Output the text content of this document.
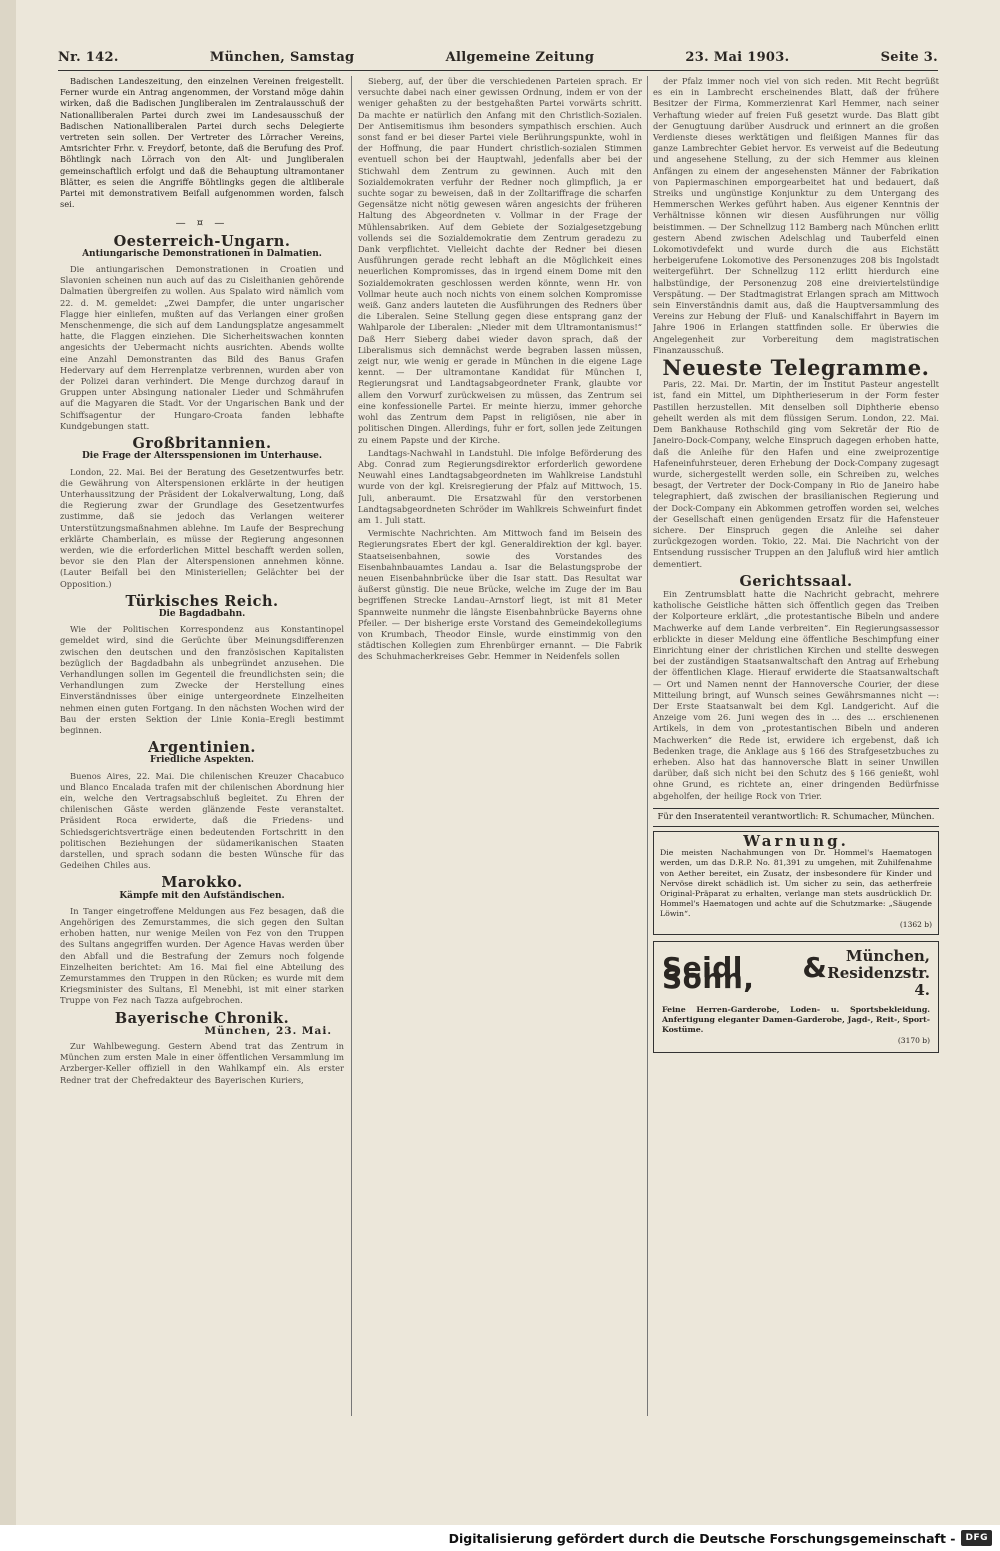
Nr. 142.	München, Samstag	Allgemeine Zeitung	23. Mai 1903.	Seite 3.

Badischen Landeszeitung, den einzelnen Vereinen freigestellt. Ferner wurde ein Antrag angenommen, der Vorstand möge dahin wirken, daß die Badischen Jungliberalen im Zentralausschuß der Nationalliberalen Partei durch zwei im Landesausschuß der Badischen Nationalliberalen Partei durch sechs Delegierte vertreten sein sollen. Der Vertreter des Lörracher Vereins, Amtsrichter Frhr. v. Freydorf, betonte, daß die Berufung des Prof. Böhtlingk nach Lörrach von den Alt- und Jungliberalen gemeinschaftlich erfolgt und daß die Behauptung ultramontaner Blätter, es seien die Angriffe Böhtlingks gegen die altliberale Partei mit demonstrativem Beifall aufgenommen worden, falsch sei.

— ¤ —
Oesterreich-Ungarn.
Antiungarische Demonstrationen in Dalmatien.

Die antiungarischen Demonstrationen in Croatien und Slavonien scheinen nun auch auf das zu Cisleithanien gehörende Dalmatien übergreifen zu wollen. Aus Spalato wird nämlich vom 22. d. M. gemeldet: „Zwei Dampfer, die unter ungarischer Flagge hier einliefen, mußten auf das Verlangen einer großen Menschenmenge, die sich auf dem Landungsplatze angesammelt hatte, die Flaggen einziehen. Die Sicherheitswachen konnten angesichts der Uebermacht nichts ausrichten. Abends wollte eine Anzahl Demonstranten das Bild des Banus Grafen Hedervary auf dem Herrenplatze verbrennen, wurden aber von der Polizei daran verhindert. Die Menge durchzog darauf in Gruppen unter Absingung nationaler Lieder und Schmährufen auf die Magyaren die Stadt. Vor der Ungarischen Bank und der Schiffsagentur der Hungaro-Croata fanden lebhafte Kundgebungen statt.

Großbritannien.
Die Frage der Altersspensionen im Unterhause.

London, 22. Mai. Bei der Beratung des Gesetzentwurfes betr. die Gewährung von Alterspensionen erklärte in der heutigen Unterhaussitzung der Präsident der Lokalverwaltung, Long, daß die Regierung zwar der Grundlage des Gesetzentwurfes zustimme, daß sie jedoch das Verlangen weiterer Unterstützungsmaßnahmen ablehne. Im Laufe der Besprechung erklärte Chamberlain, es müsse der Regierung angesonnen werden, wie die erforderlichen Mittel beschafft werden sollen, bevor sie den Plan der Alterspensionen annehmen könne. (Lauter Beifall bei den Ministeriellen; Gelächter bei der Opposition.)

Türkisches Reich.
Die Bagdadbahn.

Wie der Politischen Korrespondenz aus Konstantinopel gemeldet wird, sind die Gerüchte über Meinungsdifferenzen zwischen den deutschen und den französischen Kapitalisten bezüglich der Bagdadbahn als unbegründet anzusehen. Die Verhandlungen sollen im Gegenteil die freundlichsten sein; die Verhandlungen zum Zwecke der Herstellung eines Einverständnisses über einige untergeordnete Einzelheiten nehmen einen guten Fortgang. In den nächsten Wochen wird der Bau der ersten Sektion der Linie Konia–Eregli bestimmt beginnen.

Argentinien.
Friedliche Aspekten.

Buenos Aires, 22. Mai. Die chilenischen Kreuzer Chacabuco und Blanco Encalada trafen mit der chilenischen Abordnung hier ein, welche den Vertragsabschluß begleitet. Zu Ehren der chilenischen Gäste werden glänzende Feste veranstaltet. Präsident Roca erwiderte, daß die Friedens- und Schiedsgerichtsverträge einen bedeutenden Fortschritt in den politischen Beziehungen der südamerikanischen Staaten darstellen, und sprach sodann die besten Wünsche für das Gedeihen Chiles aus.

Marokko.
Kämpfe mit den Aufständischen.

In Tanger eingetroffene Meldungen aus Fez besagen, daß die Angehörigen des Zemurstammes, die sich gegen den Sultan erhoben hatten, nur wenige Meilen von Fez von den Truppen des Sultans angegriffen wurden. Der Agence Havas werden über den Abfall und die Bestrafung der Zemurs noch folgende Einzelheiten berichtet: Am 16. Mai fiel eine Abteilung des Zemurstammes den Truppen in den Rücken; es wurde mit dem Kriegsminister des Sultans, El Menebhi, ist mit einer starken Truppe von Fez nach Tazza aufgebrochen.

Bayerische Chronik.
München, 23. Mai.

Zur Wahlbewegung. Gestern Abend trat das Zentrum in München zum ersten Male in einer öffentlichen Versammlung im Arzberger-Keller offiziell in den Wahlkampf ein. Als erster Redner trat der Chefredakteur des Bayerischen Kuriers,

Sieberg, auf, der über die verschiedenen Parteien sprach. Er versuchte dabei nach einer gewissen Ordnung, indem er von der weniger gehaßten zu der bestgehaßten Partei vorwärts schritt. Da machte er natürlich den Anfang mit den Christlich-Sozialen. Der Antisemitismus ihm besonders sympathisch erschien. Auch sonst fand er bei dieser Partei viele Berührungspunkte, wohl in der Hoffnung, die paar Hundert christlich-sozialen Stimmen eventuell schon bei der Hauptwahl, jedenfalls aber bei der Stichwahl dem Zentrum zu gewinnen. Auch mit den Sozialdemokraten verfuhr der Redner noch glimpflich, ja er suchte sogar zu beweisen, daß in der Zolltariffrage die scharfen Gegensätze nicht nötig gewesen wären angesichts der früheren Haltung des Abgeordneten v. Vollmar in der Frage der Mühlensabriken. Auf dem Gebiete der Sozialgesetzgebung vollends sei die Sozialdemokratie dem Zentrum geradezu zu Dank verpflichtet. Vielleicht dachte der Redner bei diesen Ausführungen gerade recht lebhaft an die Möglichkeit eines neuerlichen Kompromisses, das in irgend einem Dome mit den Sozialdemokraten geschlossen werden könnte, wenn Hr. von Vollmar heute auch noch nichts von einem solchen Kompromisse weiß. Ganz anders lauteten die Ausführungen des Redners über die Liberalen. Seine Stellung gegen diese entsprang ganz der Wahlparole der Liberalen: „Nieder mit dem Ultramontanismus!“ Daß Herr Sieberg dabei wieder davon sprach, daß der Liberalismus sich demnächst werde begraben lassen müssen, zeigt nur, wie wenig er gerade in München in die eigene Lage kennt. — Der ultramontane Kandidat für München I, Regierungsrat und Landtagsabgeordneter Frank, glaubte vor allem den Vorwurf zurückweisen zu müssen, das Zentrum sei eine konfessionelle Partei. Er meinte hierzu, immer gehorche wohl das Zentrum dem Papst in religiösen, nie aber in politischen Dingen. Allerdings, fuhr er fort, sollen jede Zeitungen zu einem Papste und der Kirche.

Landtags-Nachwahl in Landstuhl. Die infolge Beförderung des Abg. Conrad zum Regierungsdirektor erforderlich gewordene Neuwahl eines Landtagsabgeordneten im Wahlkreise Landstuhl wurde von der kgl. Kreisregierung der Pfalz auf Mittwoch, 15. Juli, anberaumt. Die Ersatzwahl für den verstorbenen Landtagsabgeordneten Schröder im Wahlkreis Schweinfurt findet am 1. Juli statt.

Vermischte Nachrichten. Am Mittwoch fand im Beisein des Regierungsrates Ebert der kgl. Generaldirektion der kgl. bayer. Staatseisenbahnen, sowie des Vorstandes des Eisenbahnbauamtes Landau a. Isar die Belastungsprobe der neuen Eisenbahnbrücke über die Isar statt. Das Resultat war äußerst günstig. Die neue Brücke, welche im Zuge der im Bau begriffenen Strecke Landau–Arnstorf liegt, ist mit 81 Meter Spannweite nunmehr die längste Eisenbahnbrücke Bayerns ohne Pfeiler. — Der bisherige erste Vorstand des Gemeindekollegiums von Krumbach, Theodor Einsle, wurde einstimmig von den städtischen Kollegien zum Ehrenbürger ernannt. — Die Fabrik des Schuhmacherkreises Gebr. Hemmer in Neidenfels sollen

der Pfalz immer noch viel von sich reden. Mit Recht begrüßt es ein in Lambrecht erscheinendes Blatt, daß der frühere Besitzer der Firma, Kommerzienrat Karl Hemmer, nach seiner Verhaftung wieder auf freien Fuß gesetzt wurde. Das Blatt gibt der Genugtuung darüber Ausdruck und erinnert an die großen Verdienste dieses werktätigen und fleißigen Mannes für das ganze Lambrechter Gebiet hervor. Es verweist auf die Bedeutung und angesehene Stellung, zu der sich Hemmer aus kleinen Anfängen zu einem der angesehensten Männer der Fabrikation von Papiermaschinen emporgearbeitet hat und bedauert, daß Streiks und ungünstige Konjunktur zu dem Untergang des Hemmerschen Werkes geführt haben. Aus eigener Kenntnis der Verhältnisse können wir diesen Ausführungen nur völlig beistimmen. — Der Schnellzug 112 Bamberg nach München erlitt gestern Abend zwischen Adelschlag und Tauberfeld einen Lokomotivdefekt und wurde durch die aus Eichstätt herbeigerufene Lokomotive des Personenzuges 208 bis Ingolstadt weitergeführt. Der Schnellzug 112 erlitt hierdurch eine halbstündige, der Personenzug 208 eine dreiviertelstündige Verspätung. — Der Stadtmagistrat Erlangen sprach am Mittwoch sein Einverständnis damit aus, daß die Hauptversammlung des Vereins zur Hebung der Fluß- und Kanalschiffahrt in Bayern im Jahre 1906 in Erlangen stattfinden solle. Er überwies die Angelegenheit zur Vorbereitung dem magistratischen Finanzausschuß.

Neueste Telegramme.

Paris, 22. Mai. Dr. Martin, der im Institut Pasteur angestellt ist, fand ein Mittel, um Diphtherieserum in der Form fester Pastillen herzustellen. Mit denselben soll Diphtherie ebenso geheilt werden als mit dem flüssigen Serum. London, 22. Mai. Dem Bankhause Rothschild ging vom Sekretär der Rio de Janeiro-Dock-Company, welche Einspruch dagegen erhoben hatte, daß die Anleihe für den Hafen und eine zweiprozentige Hafeneinfuhrsteuer, deren Erhebung der Dock-Company zugesagt wurde, sichergestellt werden solle, ein Schreiben zu, welches besagt, der Vertreter der Dock-Company in Rio de Janeiro habe telegraphiert, daß zwischen der brasilianischen Regierung und der Dock-Company ein Abkommen getroffen worden sei, welches der Gesellschaft einen genügenden Ersatz für die Hafensteuer sichere. Der Einspruch gegen die Anleihe sei daher zurückgezogen worden. Tokio, 22. Mai. Die Nachricht von der Entsendung russischer Truppen an den Jalufluß wird hier amtlich dementiert.

Gerichtssaal.

Ein Zentrumsblatt hatte die Nachricht gebracht, mehrere katholische Geistliche hätten sich öffentlich gegen das Treiben der Kolporteure erklärt, „die protestantische Bibeln und andere Machwerke auf dem Lande verbreiten“. Ein Regierungsassessor erblickte in dieser Meldung eine öffentliche Beschimpfung einer Einrichtung einer der christlichen Kirchen und stellte deswegen bei der zuständigen Staatsanwaltschaft den Antrag auf Erhebung der öffentlichen Klage. Hierauf erwiderte die Staatsanwaltschaft — Ort und Namen nennt der Hannoversche Courier, der diese Mitteilung bringt, auf Wunsch seines Gewährsmannes nicht —: Der Erste Staatsanwalt bei dem Kgl. Landgericht. Auf die Anzeige vom 26. Juni wegen des in ... des ... erschienenen Artikels, in dem von „protestantischen Bibeln und anderen Machwerken“ die Rede ist, erwidere ich ergebenst, daß ich Bedenken trage, die Anklage aus § 166 des Strafgesetzbuches zu erheben. Also hat das hannoversche Blatt in seiner Unwillen darüber, daß sich nicht bei den Schutz des § 166 genießt, wohl ohne Grund, es richtete an, einer dringenden Bedürfnisse abgeholfen, der heilige Rock von Trier.

Für den Inseratenteil verantwortlich: R. Schumacher, München.
Warnung.
Die meisten Nachahmungen von Dr. Hommel's Haematogen werden, um das D.R.P. No. 81,391 zu umgehen, mit Zuhilfenahme von Aether bereitet, ein Zusatz, der insbesondere für Kinder und Nervöse direkt schädlich ist. Um sicher zu sein, das aetherfreie Original-Präparat zu erhalten, verlange man stets ausdrücklich Dr. Hommel's Haematogen und achte auf die Schutzmarke: „Säugende Löwin“.
(1362 b)
Seidl & Sohn,
München,
Residenzstr. 4.
Feine Herren-Garderobe, Loden- u. Sportsbekleidung. Anfertigung eleganter Damen-Garderobe, Jagd-, Reit-, Sport-Kostüme.
(3170 b)
Digitalisierung gefördert durch die Deutsche Forschungsgemeinschaft -	DFG
